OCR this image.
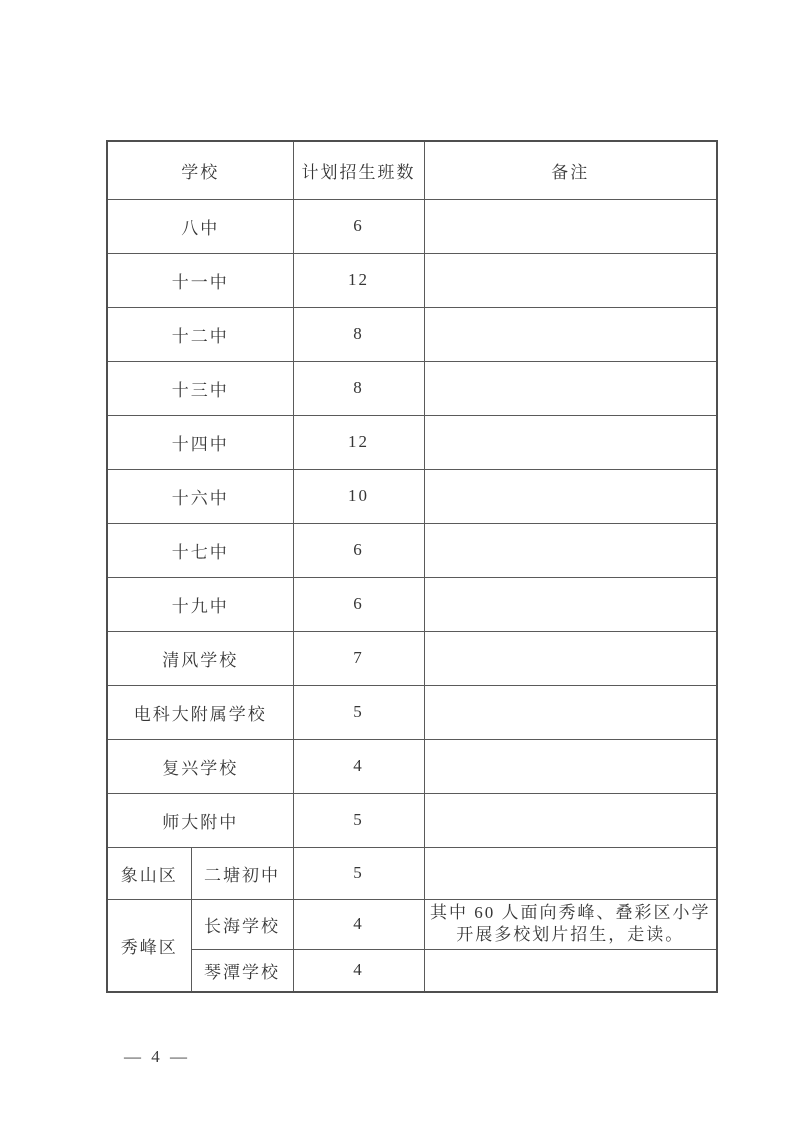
学校		计划招生班数	备注
八中		6	
十一中		12	
十二中		8	
十三中		8	
十四中		12	
十六中		10	
十七中		6	
十九中		6	
清风学校		7	
电科大附属学校		5	
复兴学校		4	
师大附中		5	
象山区	二塘初中	5	
秀峰区	长海学校	4	其中 60 人面向秀峰、叠彩区小学开展多校划片招生，走读。
	琴潭学校	4	
— 4 —
